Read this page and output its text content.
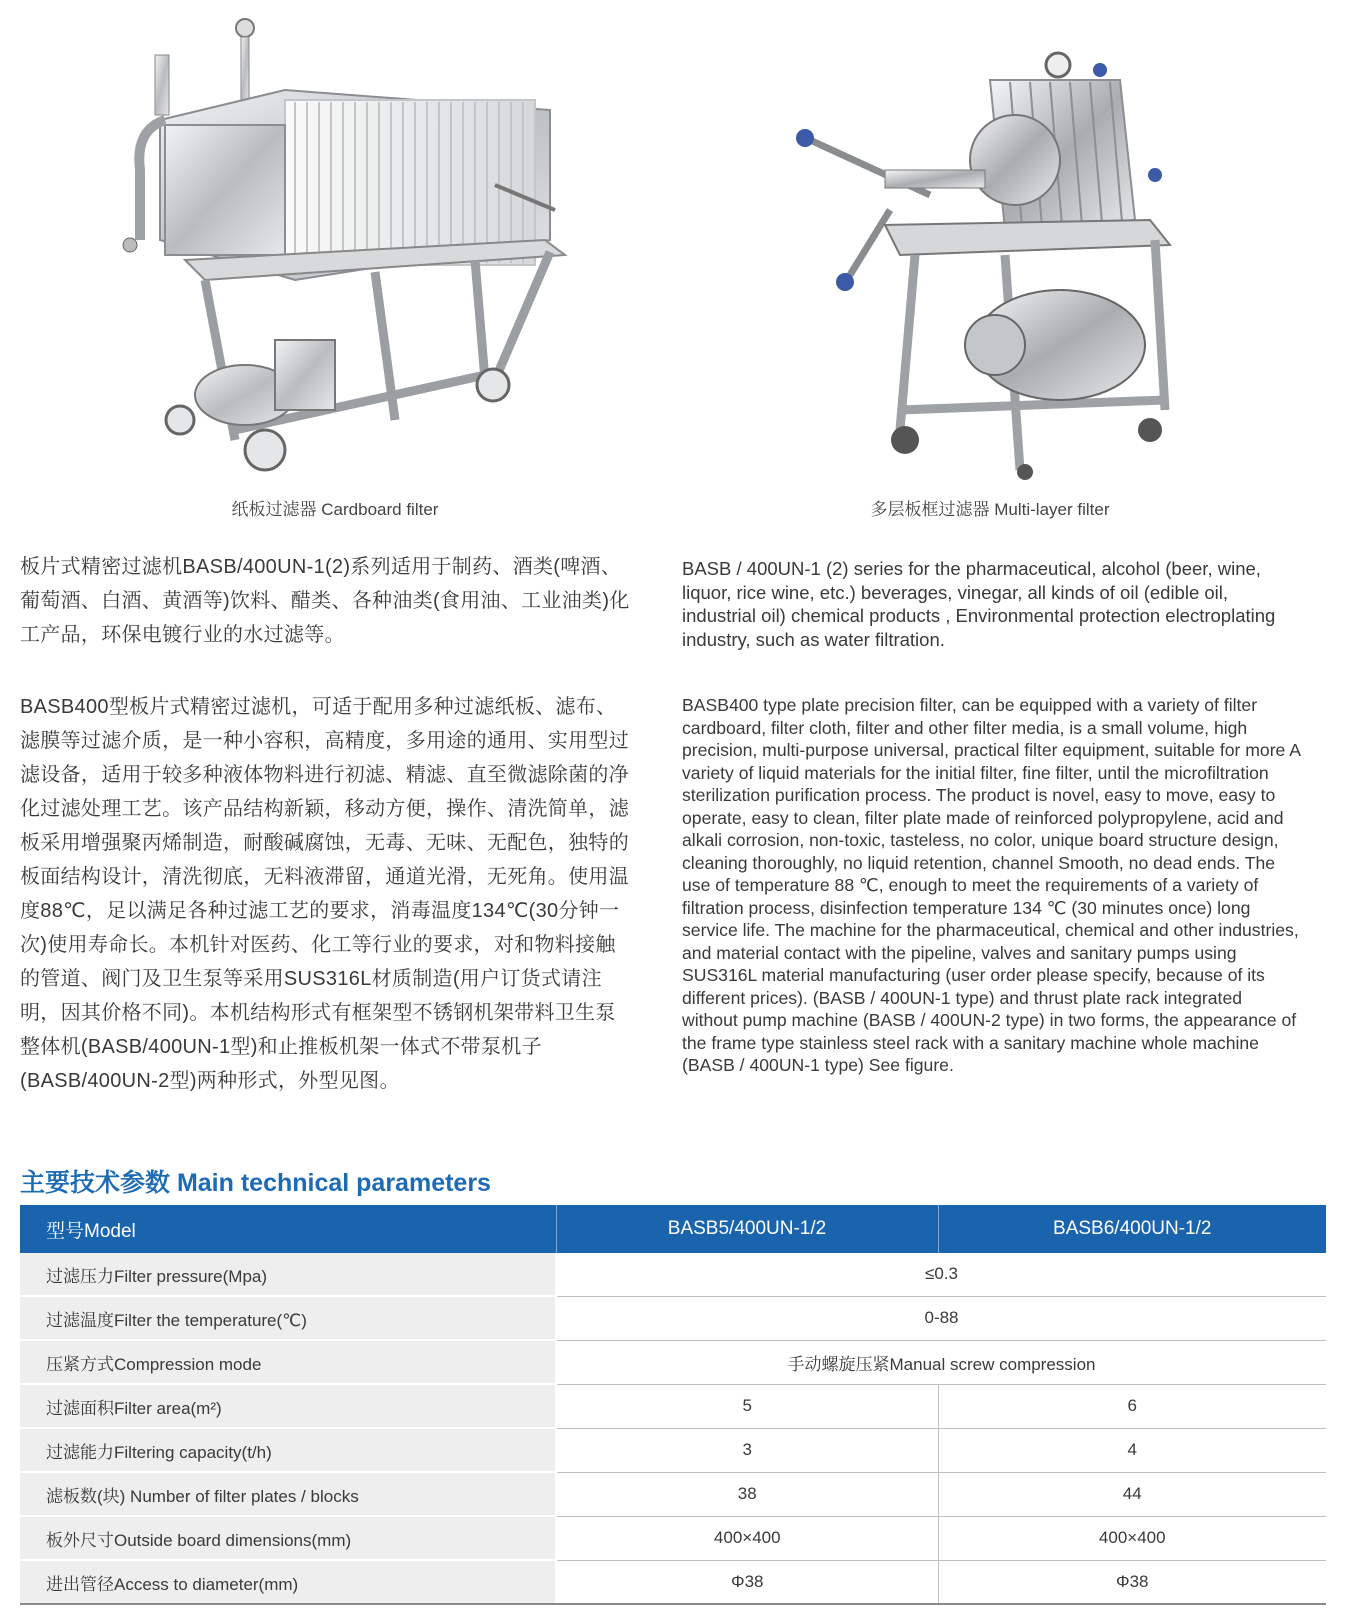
纸板过滤器 Cardboard filter	多层板框过滤器 Multi-layer filter
板片式精密过滤机BASB/400UN-1(2)系列适用于制药、酒类(啤酒、葡萄酒、白酒、黄酒等)饮料、醋类、各种油类(食用油、工业油类)化工产品，环保电镀行业的水过滤等。
BASB / 400UN-1 (2) series for the pharmaceutical, alcohol (beer, wine, liquor, rice wine, etc.) beverages, vinegar, all kinds of oil (edible oil, industrial oil) chemical products , Environmental protection electroplating industry, such as water filtration.
BASB400型板片式精密过滤机，可适于配用多种过滤纸板、滤布、滤膜等过滤介质，是一种小容积，高精度，多用途的通用、实用型过滤设备，适用于较多种液体物料进行初滤、精滤、直至微滤除菌的净化过滤处理工艺。该产品结构新颖，移动方便，操作、清洗简单，滤板采用增强聚丙烯制造，耐酸碱腐蚀，无毒、无味、无配色，独特的板面结构设计，清洗彻底，无料液滞留，通道光滑，无死角。使用温度88℃，足以满足各种过滤工艺的要求，消毒温度134℃(30分钟一次)使用寿命长。本机针对医药、化工等行业的要求，对和物料接触的管道、阀门及卫生泵等采用SUS316L材质制造(用户订货式请注明，因其价格不同)。本机结构形式有框架型不锈钢机架带料卫生泵整体机(BASB/400UN-1型)和止推板机架一体式不带泵机子(BASB/400UN-2型)两种形式，外型见图。
BASB400 type plate precision filter, can be equipped with a variety of filter cardboard, filter cloth, filter and other filter media, is a small volume, high precision, multi-purpose universal, practical filter equipment, suitable for more A variety of liquid materials for the initial filter, fine filter, until the microfiltration sterilization purification process. The product is novel, easy to move, easy to operate, easy to clean, filter plate made of reinforced polypropylene, acid and alkali corrosion, non-toxic, tasteless, no color, unique board structure design, cleaning thoroughly, no liquid retention, channel Smooth, no dead ends. The use of temperature 88 ℃, enough to meet the requirements of a variety of filtration process, disinfection temperature 134 ℃ (30 minutes once) long service life. The machine for the pharmaceutical, chemical and other industries, and material contact with the pipeline, valves and sanitary pumps using SUS316L material manufacturing (user order please specify, because of its different prices). (BASB / 400UN-1 type) and thrust plate rack integrated without pump machine (BASB / 400UN-2 type) in two forms, the appearance of the frame type stainless steel rack with a sanitary machine whole machine (BASB / 400UN-1 type) See figure.
主要技术参数 Main technical parameters
型号Model	BASB5/400UN-1/2	BASB6/400UN-1/2
过滤压力Filter pressure(Mpa)	≤0.3	
过滤温度Filter the temperature(℃)	0-88	
压紧方式Compression mode	手动螺旋压紧Manual screw compression	
过滤面积Filter area(m²)	5	6
过滤能力Filtering capacity(t/h)	3	4
滤板数(块) Number of filter plates / blocks	38	44
板外尺寸Outside board dimensions(mm)	400×400	400×400
进出管径Access to diameter(mm)	Φ38	Φ38
